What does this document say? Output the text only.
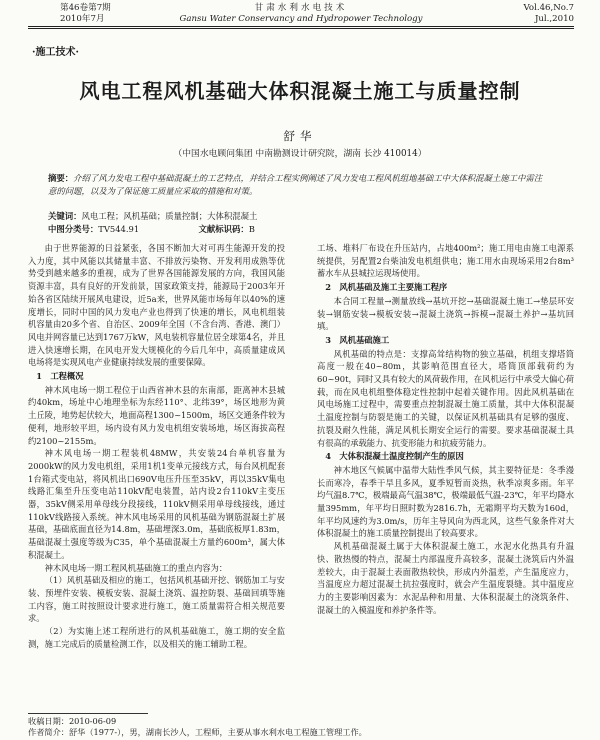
第46卷第7期
2010年7月
甘肃水利水电技术
Gansu Water Conservancy and Hydropower Technology
Vol.46,No.7
Jul.,2010
·施工技术·
风电工程风机基础大体积混凝土施工与质量控制
舒华
（中国水电顾问集团 中南勘测设计研究院，湖南 长沙 410014）
摘要：介绍了风力发电工程中基础混凝土的工艺特点，并结合工程实例阐述了风力发电工程风机组地基础工中大体积混凝土施工中需注意的问题，以及为了保证施工质量应采取的措施和对策。
关键词：风电工程；风机基础；质量控制；大体积混凝土
中图分类号：TV544.91	文献标识码：B

由于世界能源的日益紧张，各国不断加大对可再生能源开发的投入力度，其中风能以其储量丰富、不排放污染物、开发利用成熟等优势受到越来越多的重视，成为了世界各国能源发展的方向，我国风能资源丰富，具有良好的开发前景，国家政策支持，能源局于2003年开始各省区陆续开展风电建设，近5a来，世界风能市场每年以40%的速度增长，同时中国的风力发电产业也得到了快速的增长，风电机组装机容量由20多个省、自治区、2009年全国（不含台湾、香港、澳门）风电并网容量已达到1767万kW，风电装机容量位居全球第4名，并且进入快速增长期，在风电开发大规模化的今后几年中，高质量建成风电场将是实现风电产业健康持续发展的重要保障。

1　工程概况

神木风电场一期工程位于山西省神木县的东南部，距离神木县城约40km，场址中心地理坐标为东经110°、北纬39°，场区地形为黄土丘陵，地势起伏较大，地面高程1300~1500m，场区交通条件较为便利，地形较平坦，场内设有风力发电机组安装场地，场区海拔高程约2100~2155m。

神木风电场一期工程装机48MW，共安装24台单机容量为2000kW的风力发电机组，采用1机1变单元接线方式，每台风机配套1台箱式变电站，将风机出口690V电压升压至35kV，再以35kV集电线路汇集至升压变电站110kV配电装置，站内设2台110kV主变压器，35kV侧采用单母线分段接线，110kV侧采用单母线接线，通过110kV线路接入系统。神木风电场采用的风机基础为钢筋混凝土扩展基础，基础底面直径为14.8m，基础埋深3.0m，基础底板厚1.83m，基础混凝土强度等级为C35，单个基础混凝土方量约600m³，属大体积混凝土。

神木风电场一期工程风机基础施工的重点内容为：

（1）风机基础及相应的施工，包括风机基础开挖、钢筋加工与安装、预埋件安装、模板安装、混凝土浇筑、温控防裂、基础回填等施工内容，施工时按照设计要求进行施工，施工质量需符合相关规范要求。

（2）为实施上述工程所进行的风机基础施工，施工期的安全监测，施工完成后的质量检测工作，以及相关的施工辅助工程。

工场、堆料厂布设在升压站内，占地400m²；施工用电由施工电源系统提供，另配置2台柴油发电机组供电；施工用水由现场采用2台8m³蓄水车从县城拉运现场使用。

2　风机基础及施工主要施工程序

本合同工程量→测量放线→基坑开挖→基础混凝土施工→垫层环安装→钢筋安装→模板安装→混凝土浇筑→拆模→混凝土养护→基坑回填。

3　风机基础施工

风机基础的特点是：支撑高耸结构物的独立基础，机组支撑塔筒高度一般在40~80m，其影响范围直径大，塔筒顶部载荷约为60~90t，同时又具有较大的风荷载作用，在风机运行中承受大偏心荷载，而在风电机组整体稳定性控制中起着关键作用。因此风机基础在风电场施工过程中，需要重点控制混凝土施工质量，其中大体积混凝土温度控制与防裂是施工的关键，以保证风机基础具有足够的强度、抗裂及耐久性能，满足风机长期安全运行的需要。要求基础混凝土具有很高的承载能力、抗变形能力和抗疲劳能力。

4　大体积混凝土温度控制产生的原因

神木地区气候属中温带大陆性季风气候，其主要特征是：冬季漫长而寒冷，春季干旱且多风，夏季短暂而炎热，秋季凉爽多雨。年平均气温8.7℃，极端最高气温38℃，极端最低气温-23℃，年平均降水量395mm，年平均日照时数为2816.7h，无霜期平均天数为160d，年平均风速约为3.0m/s，历年主导风向为西北风，这些气象条件对大体积混凝土的施工质量控制提出了较高要求。

风机基础混凝土属于大体积混凝土施工，水泥水化热具有升温快、散热慢的特点，混凝土内部温度升高较多，混凝土浇筑后内外温差较大，由于混凝土表面散热较快，形成内外温差，产生温度应力，当温度应力超过混凝土抗拉强度时，就会产生温度裂缝。其中温度应力的主要影响因素为：水泥品种和用量、大体积混凝土的浇筑条件、混凝土的入模温度和养护条件等。

收稿日期：2010-06-09
作者简介：舒华（1977-），男，湖南长沙人，工程师，主要从事水利水电工程施工管理工作。
